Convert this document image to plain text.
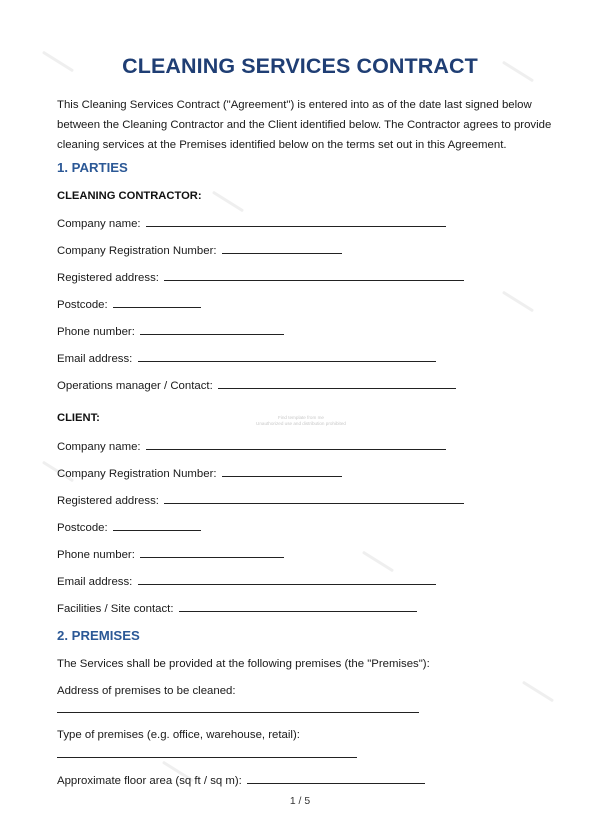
CLEANING SERVICES CONTRACT

This Cleaning Services Contract ("Agreement") is entered into as of the date last signed below between the Cleaning Contractor and the Client identified below. The Contractor agrees to provide cleaning services at the Premises identified below on the terms set out in this Agreement.

1. PARTIES
CLEANING CONTRACTOR:
Company name:
Company Registration Number:
Registered address:
Postcode:
Phone number:
Email address:
Operations manager / Contact:
CLIENT:	Find template from me
Unauthorized use and distribution prohibited
Company name:
Company Registration Number:
Registered address:
Postcode:
Phone number:
Email address:
Facilities / Site contact:
2. PREMISES
The Services shall be provided at the following premises (the "Premises"):
Address of premises to be cleaned:
Type of premises (e.g. office, warehouse, retail):
Approximate floor area (sq ft / sq m):
1 / 5
